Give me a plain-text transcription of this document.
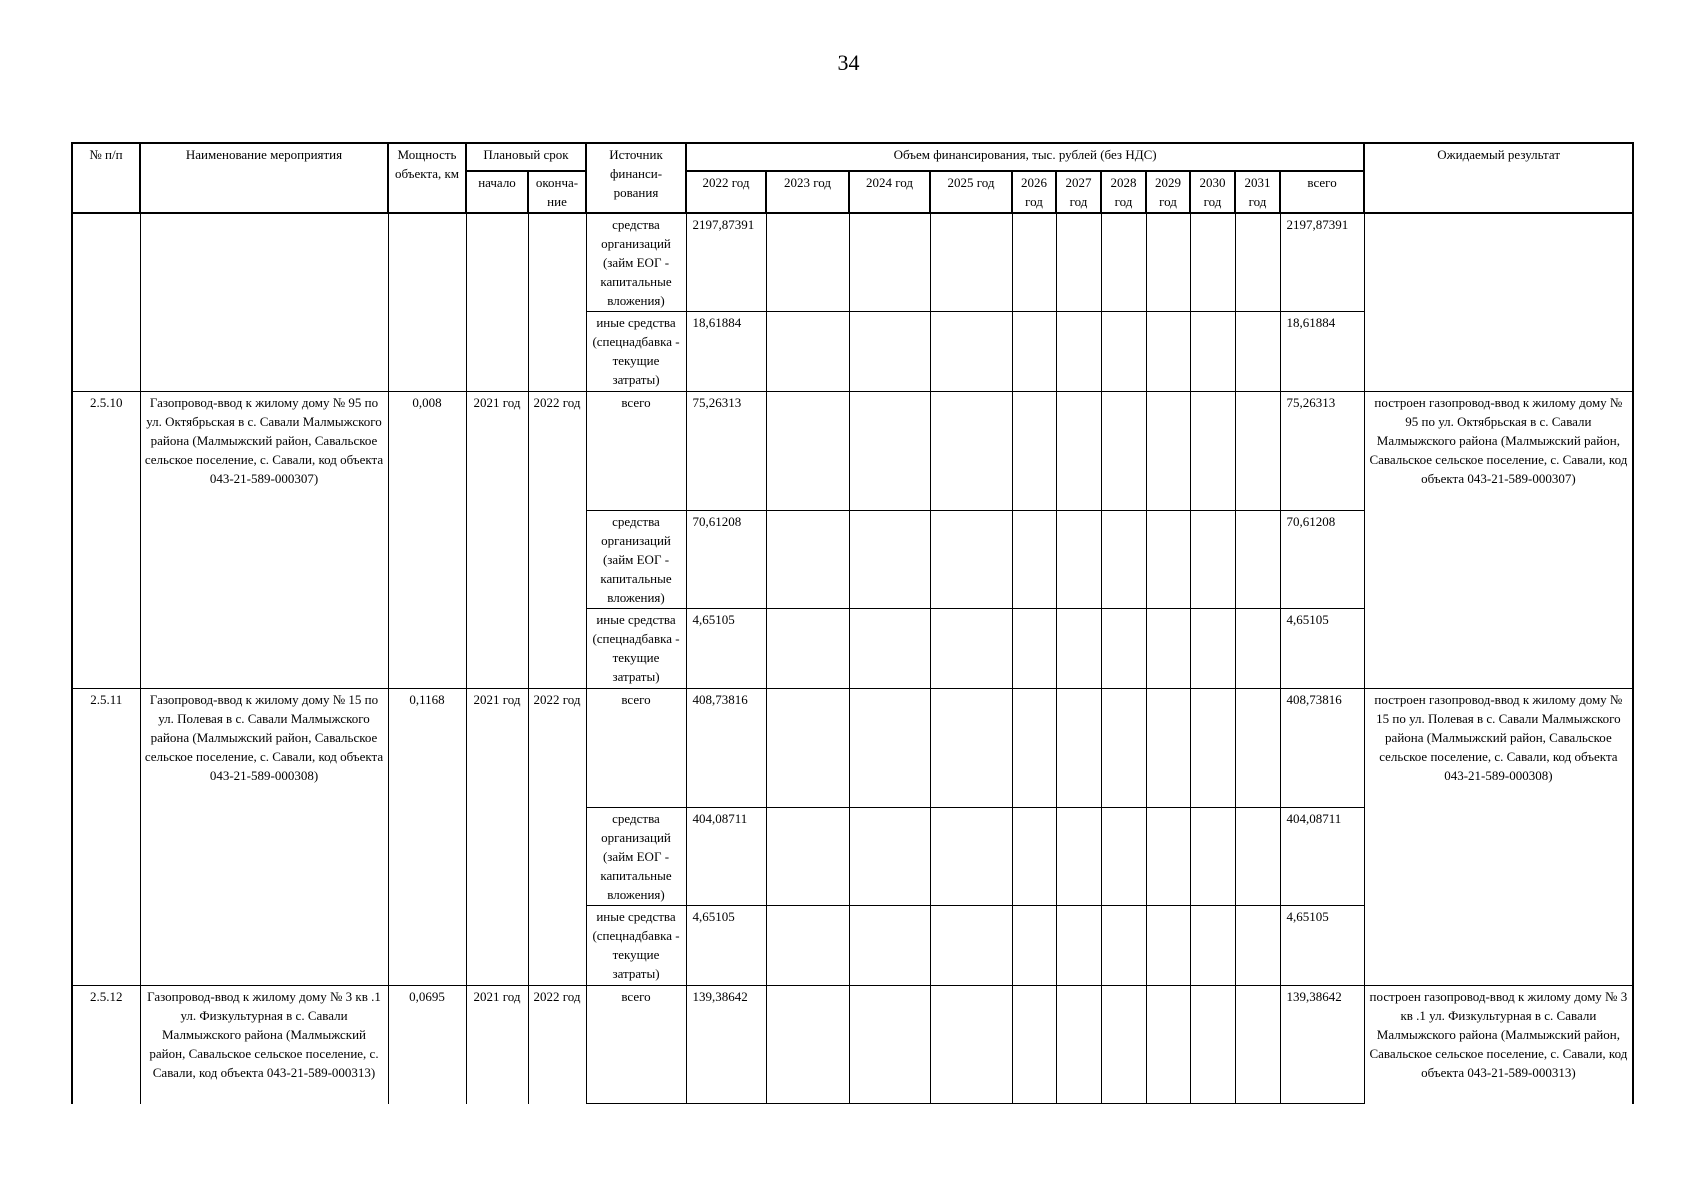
34
№ п/п	Наименование мероприятия	Мощность объекта, км	Плановый срок		Источник финанси-рования	Объем финансирования, тыс. рублей (без НДС)											Ожидаемый результат
			начало	оконча-ние		2022 год	2023 год	2024 год	2025 год	2026 год	2027 год	2028 год	2029 год	2030 год	2031 год	всего	
					средства организаций (займ ЕОГ - капитальные вложения)	2197,87391										2197,87391	
					иные средства (спецнадбавка - текущие затраты)	18,61884										18,61884	
2.5.10	Газопровод-ввод к жилому дому № 95 по ул. Октябрьская в с. Савали Малмыжского района (Малмыжский район, Савальское сельское поселение, с. Савали, код объекта 043-21-589-000307)	0,008	2021 год	2022 год	всего	75,26313										75,26313	построен газопровод-ввод к жилому дому № 95 по ул. Октябрьская в с. Савали Малмыжского района (Малмыжский район, Савальское сельское поселение, с. Савали, код объекта 043-21-589-000307)
					средства организаций (займ ЕОГ - капитальные вложения)	70,61208										70,61208	
					иные средства (спецнадбавка - текущие затраты)	4,65105										4,65105	
2.5.11	Газопровод-ввод к жилому дому № 15 по ул. Полевая в с. Савали Малмыжского района (Малмыжский район, Савальское сельское поселение, с. Савали, код объекта 043-21-589-000308)	0,1168	2021 год	2022 год	всего	408,73816										408,73816	построен газопровод-ввод к жилому дому № 15 по ул. Полевая в с. Савали Малмыжского района (Малмыжский район, Савальское сельское поселение, с. Савали, код объекта 043-21-589-000308)
					средства организаций (займ ЕОГ - капитальные вложения)	404,08711										404,08711	
					иные средства (спецнадбавка - текущие затраты)	4,65105										4,65105	
2.5.12	Газопровод-ввод к жилому дому № 3 кв .1 ул. Физкультурная в с. Савали Малмыжского района (Малмыжский район, Савальское сельское поселение, с. Савали, код объекта 043-21-589-000313)	0,0695	2021 год	2022 год	всего	139,38642										139,38642	построен газопровод-ввод к жилому дому № 3 кв .1 ул. Физкультурная в с. Савали Малмыжского района (Малмыжский район, Савальское сельское поселение, с. Савали, код объекта 043-21-589-000313)
